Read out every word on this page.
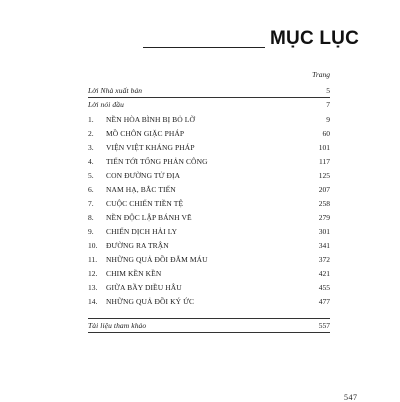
MỤC LỤC
Trang
Lời Nhà xuất bản	5
Lời nói đầu	7
1.	NỀN HÒA BÌNH BỊ BỎ LỠ	9
2.	MỒ CHÔN GIẶC PHÁP	60
3.	VIỆN VIỆT KHÁNG PHÁP	101
4.	TIẾN TỚI TỔNG PHẢN CÔNG	117
5.	CON ĐƯỜNG TỬ ĐỊA	125
6.	NAM HẠ, BẮC TIẾN	207
7.	CUỘC CHIẾN TIỀN TỆ	258
8.	NỀN ĐỘC LẬP BÁNH VẼ	279
9.	CHIẾN DỊCH HẢI LY	301
10.	ĐƯỜNG RA TRẬN	341
11.	NHỮNG QUẢ ĐỒI ĐẪM MÁU	372
12.	CHIM KỀN KỀN	421
13.	GIỮA BẦY DIỀU HÂU	455
14.	NHỮNG QUẢ ĐỒI KÝ ỨC	477
Tài liệu tham khảo	557
547
